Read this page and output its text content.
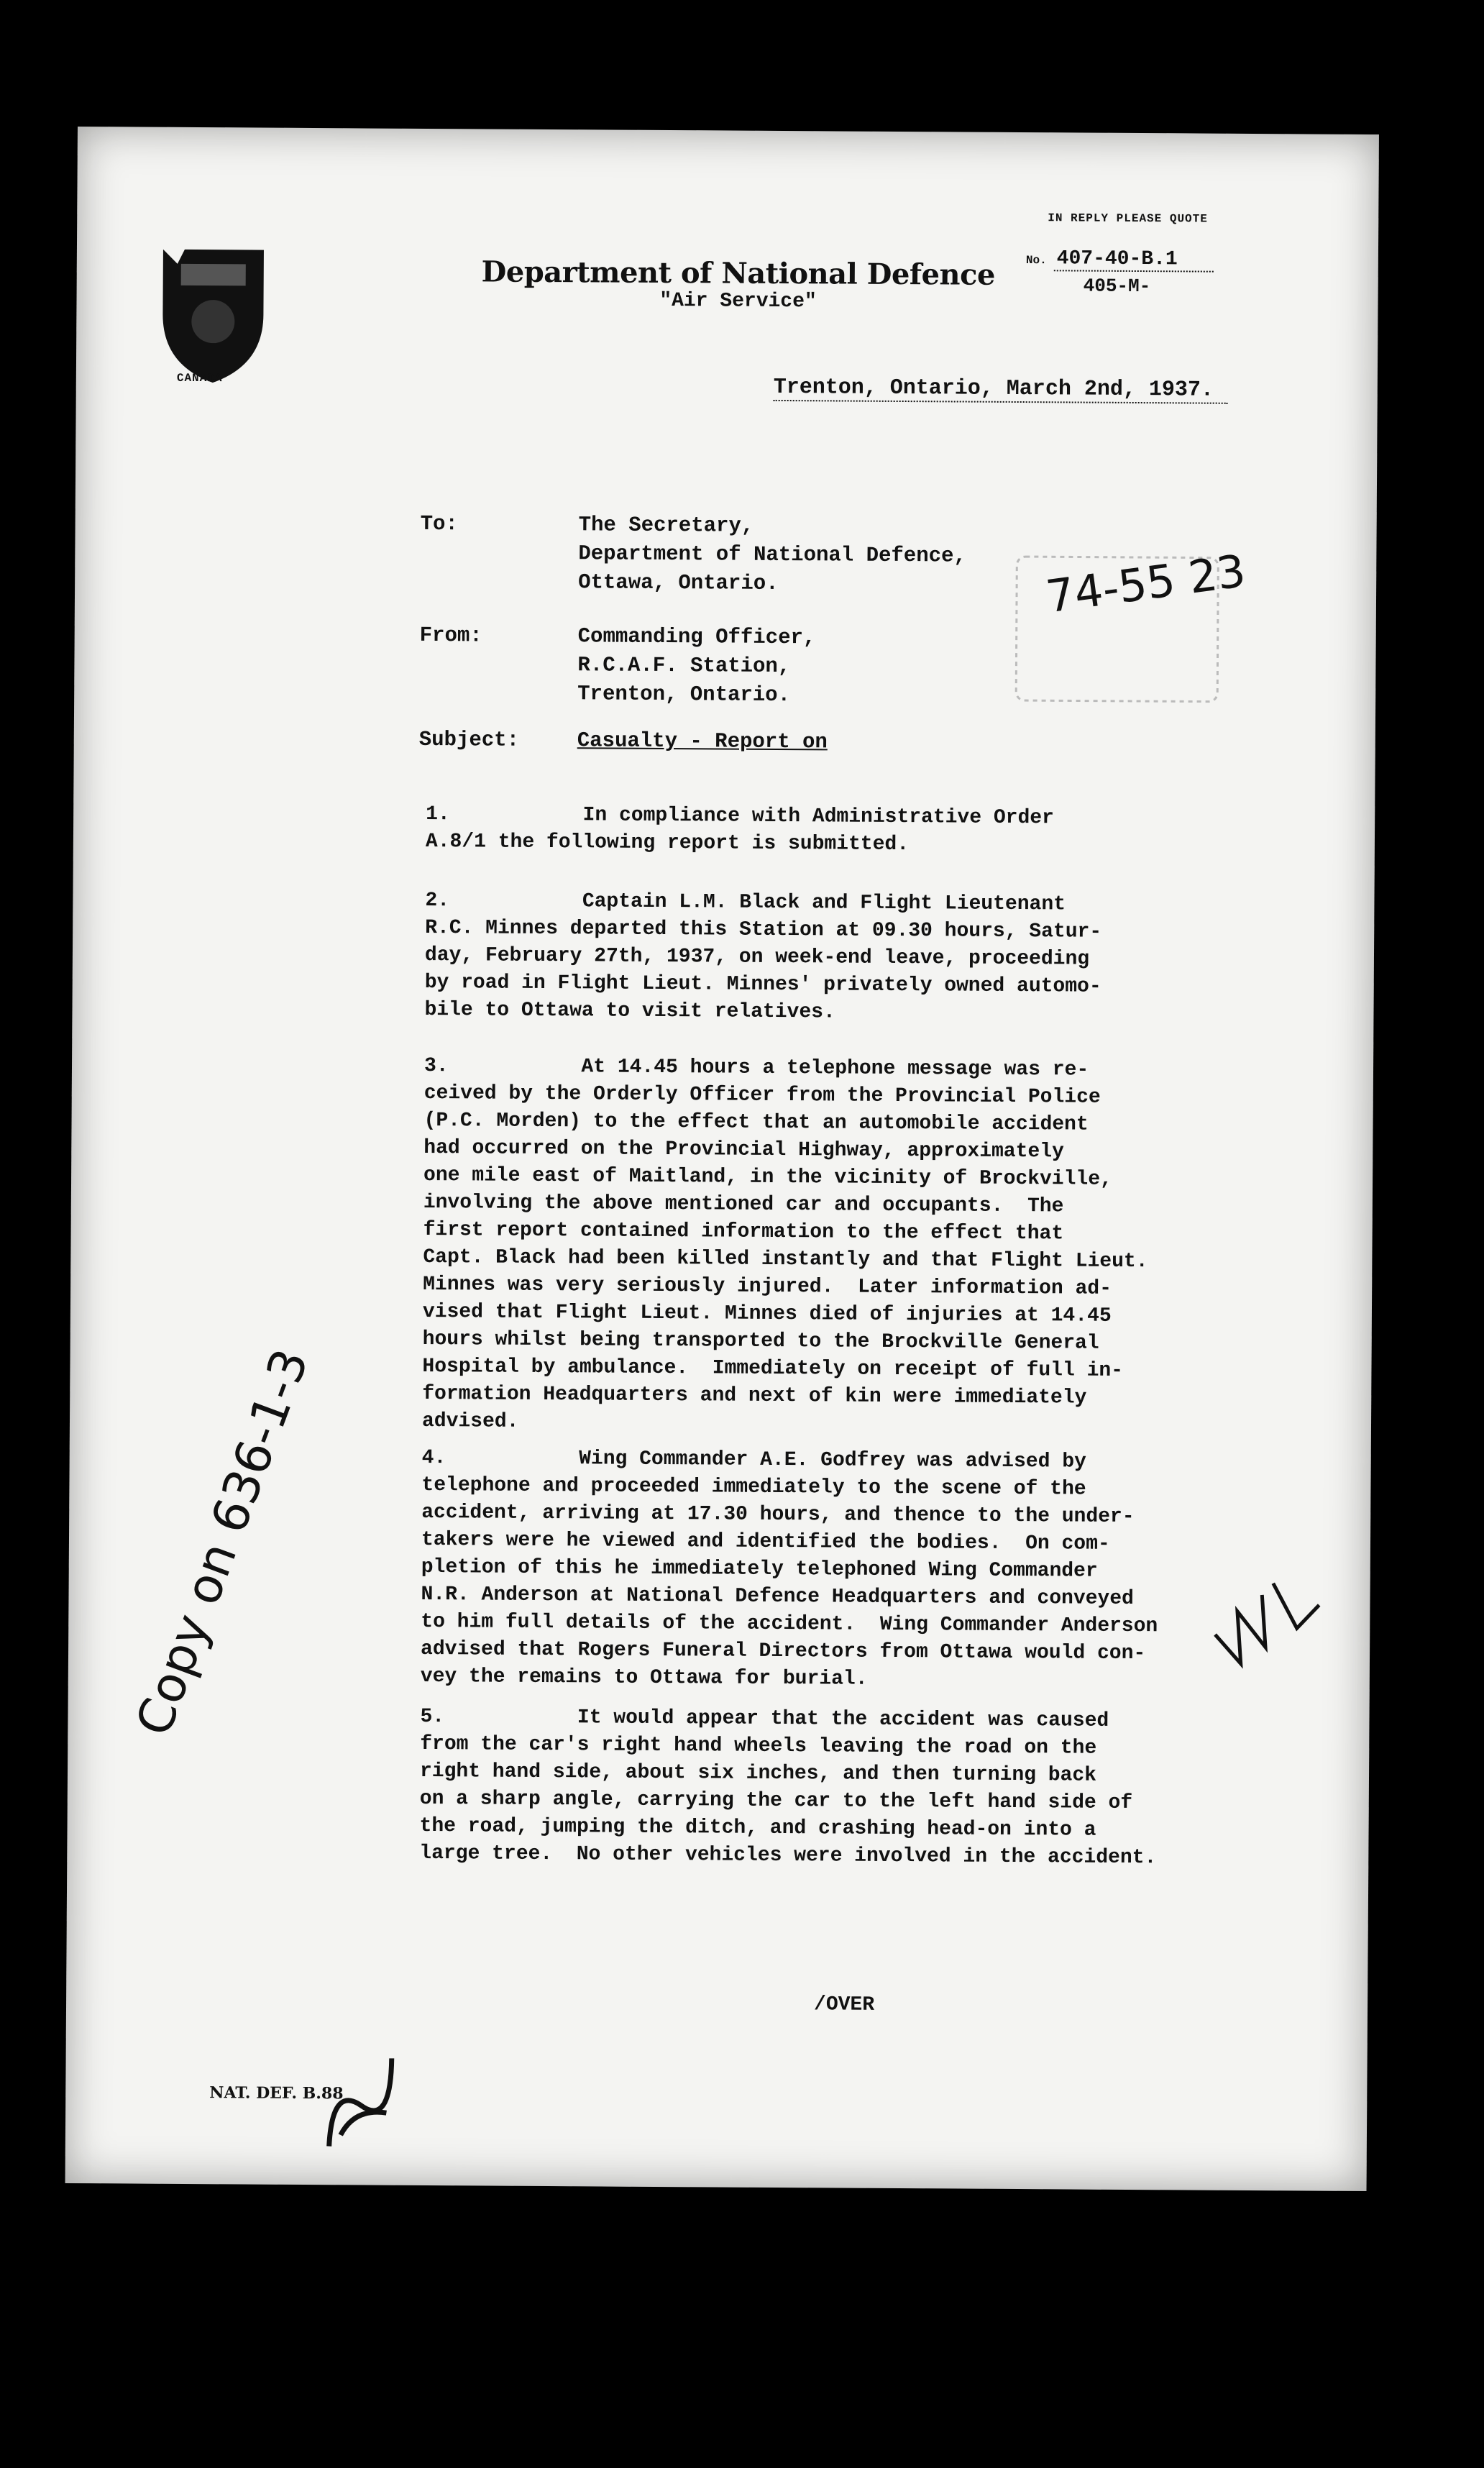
CANADA
Department of National Defence
"Air Service"
IN REPLY PLEASE QUOTE
No. 407-40-B.1
405-M-
Trenton, Ontario, March 2nd, 1937.
To:	The Secretary,
Department of National Defence,
Ottawa, Ontario.
From:	Commanding Officer,
R.C.A.F. Station,
Trenton, Ontario.
Subject:	Casualty - Report on
1.           In compliance with Administrative Order
A.8/1 the following report is submitted.
2.           Captain L.M. Black and Flight Lieutenant
R.C. Minnes departed this Station at 09.30 hours, Satur-
day, February 27th, 1937, on week-end leave, proceeding
by road in Flight Lieut. Minnes' privately owned automo-
bile to Ottawa to visit relatives.
3.           At 14.45 hours a telephone message was re-
ceived by the Orderly Officer from the Provincial Police
(P.C. Morden) to the effect that an automobile accident
had occurred on the Provincial Highway, approximately
one mile east of Maitland, in the vicinity of Brockville,
involving the above mentioned car and occupants.  The
first report contained information to the effect that
Capt. Black had been killed instantly and that Flight Lieut.
Minnes was very seriously injured.  Later information ad-
vised that Flight Lieut. Minnes died of injuries at 14.45
hours whilst being transported to the Brockville General
Hospital by ambulance.  Immediately on receipt of full in-
formation Headquarters and next of kin were immediately
advised.
4.           Wing Commander A.E. Godfrey was advised by
telephone and proceeded immediately to the scene of the
accident, arriving at 17.30 hours, and thence to the under-
takers were he viewed and identified the bodies.  On com-
pletion of this he immediately telephoned Wing Commander
N.R. Anderson at National Defence Headquarters and conveyed
to him full details of the accident.  Wing Commander Anderson
advised that Rogers Funeral Directors from Ottawa would con-
vey the remains to Ottawa for burial.
5.           It would appear that the accident was caused
from the car's right hand wheels leaving the road on the
right hand side, about six inches, and then turning back
on a sharp angle, carrying the car to the left hand side of
the road, jumping the ditch, and crashing head-on into a
large tree.  No other vehicles were involved in the accident.
/OVER
NAT. DEF. B.88
74-55 23
Copy on 636-1-3
